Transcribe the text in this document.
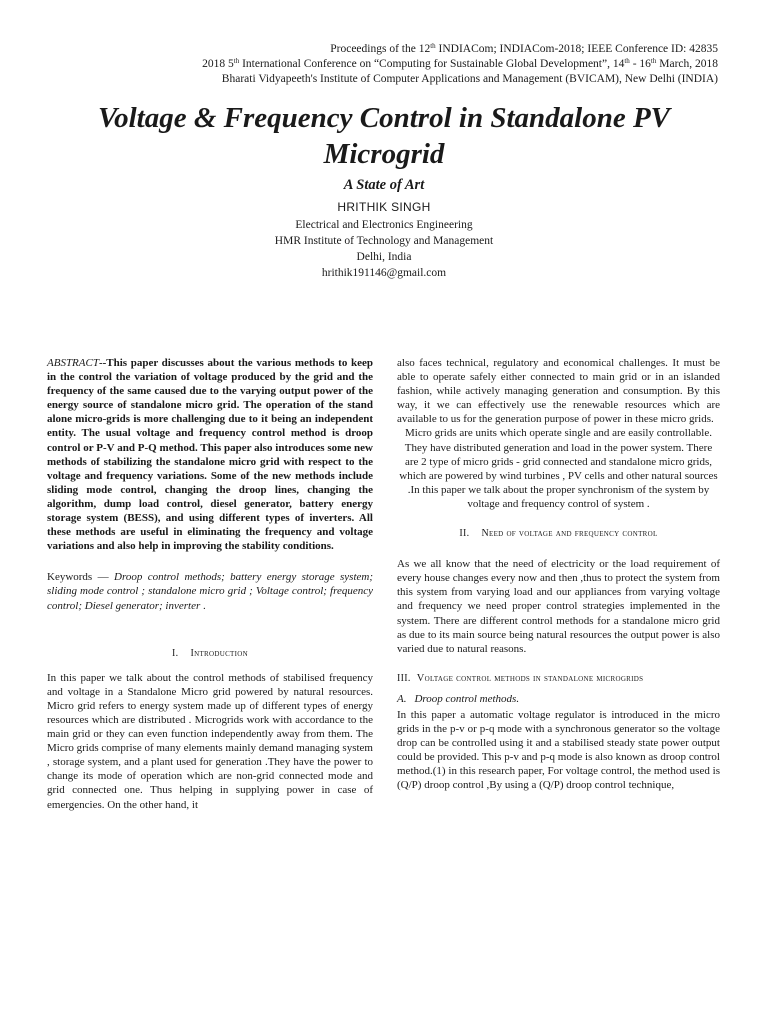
Proceedings of the 12th INDIACom; INDIACom-2018; IEEE Conference ID: 42835
2018 5th International Conference on “Computing for Sustainable Global Development”, 14th - 16th March, 2018
Bharati Vidyapeeth's Institute of Computer Applications and Management (BVICAM), New Delhi (INDIA)
Voltage & Frequency Control in Standalone PV
Microgrid
A State of Art
HRITHIK SINGH
Electrical and Electronics Engineering
HMR Institute of Technology and Management
Delhi, India
hrithik191146@gmail.com

ABSTRACT--This paper discusses about the various methods to keep in the control the variation of voltage produced by the grid and the frequency of the same caused due to the varying output power of the energy source of standalone micro grid. The operation of the stand alone micro-grids is more challenging due to it being an independent entity. The usual voltage and frequency control method is droop control or P-V and P-Q method. This paper also introduces some new methods of stabilizing the standalone micro grid with respect to the voltage and frequency variations. Some of the new methods include sliding mode control, changing the droop lines, changing the algorithm, dump load control, diesel generator, battery energy storage system (BESS), and using different types of inverters. All these methods are useful in eliminating the frequency and voltage variations and also help in improving the stability conditions.

Keywords — Droop control methods; battery energy storage system; sliding mode control ; standalone micro grid ; Voltage control; frequency control; Diesel generator; inverter .

I. Introduction

In this paper we talk about the control methods of stabilised frequency and voltage in a Standalone Micro grid powered by natural resources. Micro grid refers to energy system made up of different types of energy resources which are distributed . Microgrids work with accordance to the main grid or they can even function independently away from them. The Micro grids comprise of many elements mainly demand managing system , storage system, and a plant used for generation .They have the power to change its mode of operation which are non-grid connected mode and grid connected one. Thus helping in supplying power in case of emergencies. On the other hand, it

also faces technical, regulatory and economical challenges. It must be able to operate safely either connected to main grid or in an islanded fashion, while actively managing generation and consumption. By this way, it we can effectively use the renewable resources which are available to us for the generation purpose of power in these micro grids.

Micro grids are units which operate single and are easily controllable. They have distributed generation and load in the power system. There are 2 type of micro grids - grid connected and standalone micro grids, which are powered by wind turbines , PV cells and other natural sources .In this paper we talk about the proper synchronism of the system by voltage and frequency control of system .

II. Need of voltage and frequency control

As we all know that the need of electricity or the load requirement of every house changes every now and then ,thus to protect the system from this system from varying load and our appliances from varying voltage and frequency we need proper control strategies implemented in the system. There are different control methods for a standalone micro grid as due to its main source being natural resources the output power is also varied due to natural reasons.

III. Voltage control methods in standalone microgrids
A. Droop control methods.

In this paper a automatic voltage regulator is introduced in the micro grids in the p-v or p-q mode with a synchronous generator so the voltage drop can be controlled using it and a stabilised steady state power output could be provided. This p-v and p-q mode is also known as droop control method.(1) in this research paper, For voltage control, the method used is (Q/P) droop control ,By using a (Q/P) droop control technique,
